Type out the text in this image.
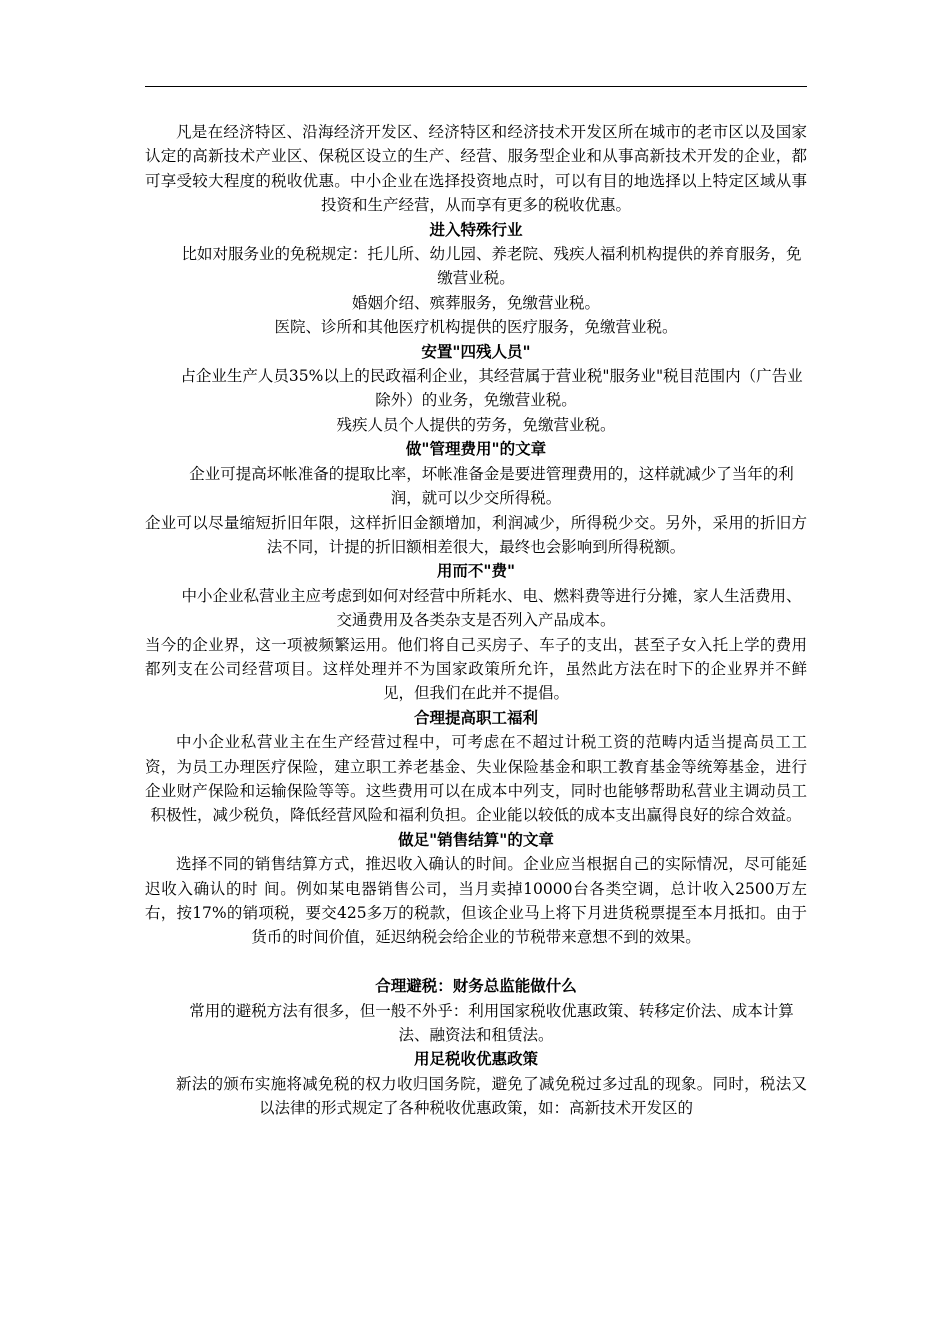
凡是在经济特区、沿海经济开发区、经济特区和经济技术开发区所在城市的老市区以及国家认定的高新技术产业区、保税区设立的生产、经营、服务型企业和从事高新技术开发的企业，都可享受较大程度的税收优惠。中小企业在选择投资地点时，可以有目的地选择以上特定区域从事投资和生产经营，从而享有更多的税收优惠。

进入特殊行业

比如对服务业的免税规定：托儿所、幼儿园、养老院、残疾人福利机构提供的养育服务，免缴营业税。

婚姻介绍、殡葬服务，免缴营业税。

医院、诊所和其他医疗机构提供的医疗服务，免缴营业税。

安置"四残人员"

占企业生产人员35%以上的民政福利企业，其经营属于营业税"服务业"税目范围内（广告业除外）的业务，免缴营业税。

残疾人员个人提供的劳务，免缴营业税。

做"管理费用"的文章

企业可提高坏帐准备的提取比率，坏帐准备金是要进管理费用的，这样就减少了当年的利润，就可以少交所得税。

企业可以尽量缩短折旧年限，这样折旧金额增加，利润减少，所得税少交。另外，采用的折旧方法不同，计提的折旧额相差很大，最终也会影响到所得税额。

用而不"费"

中小企业私营业主应考虑到如何对经营中所耗水、电、燃料费等进行分摊，家人生活费用、交通费用及各类杂支是否列入产品成本。

当今的企业界，这一项被频繁运用。他们将自己买房子、车子的支出，甚至子女入托上学的费用都列支在公司经营项目。这样处理并不为国家政策所允许，虽然此方法在时下的企业界并不鲜见，但我们在此并不提倡。

合理提高职工福利

中小企业私营业主在生产经营过程中，可考虑在不超过计税工资的范畴内适当提高员工工资，为员工办理医疗保险，建立职工养老基金、失业保险基金和职工教育基金等统筹基金，进行企业财产保险和运输保险等等。这些费用可以在成本中列支，同时也能够帮助私营业主调动员工积极性，减少税负，降低经营风险和福利负担。企业能以较低的成本支出赢得良好的综合效益。

做足"销售结算"的文章

选择不同的销售结算方式，推迟收入确认的时间。企业应当根据自己的实际情况，尽可能延迟收入确认的时 间。例如某电器销售公司，当月卖掉10000台各类空调，总计收入2500万左右，按17%的销项税，要交425多万的税款，但该企业马上将下月进货税票提至本月抵扣。由于货币的时间价值，延迟纳税会给企业的节税带来意想不到的效果。

合理避税：财务总监能做什么

常用的避税方法有很多，但一般不外乎：利用国家税收优惠政策、转移定价法、成本计算法、融资法和租赁法。

用足税收优惠政策

新法的颁布实施将减免税的权力收归国务院，避免了减免税过多过乱的现象。同时，税法又以法律的形式规定了各种税收优惠政策，如：高新技术开发区的
